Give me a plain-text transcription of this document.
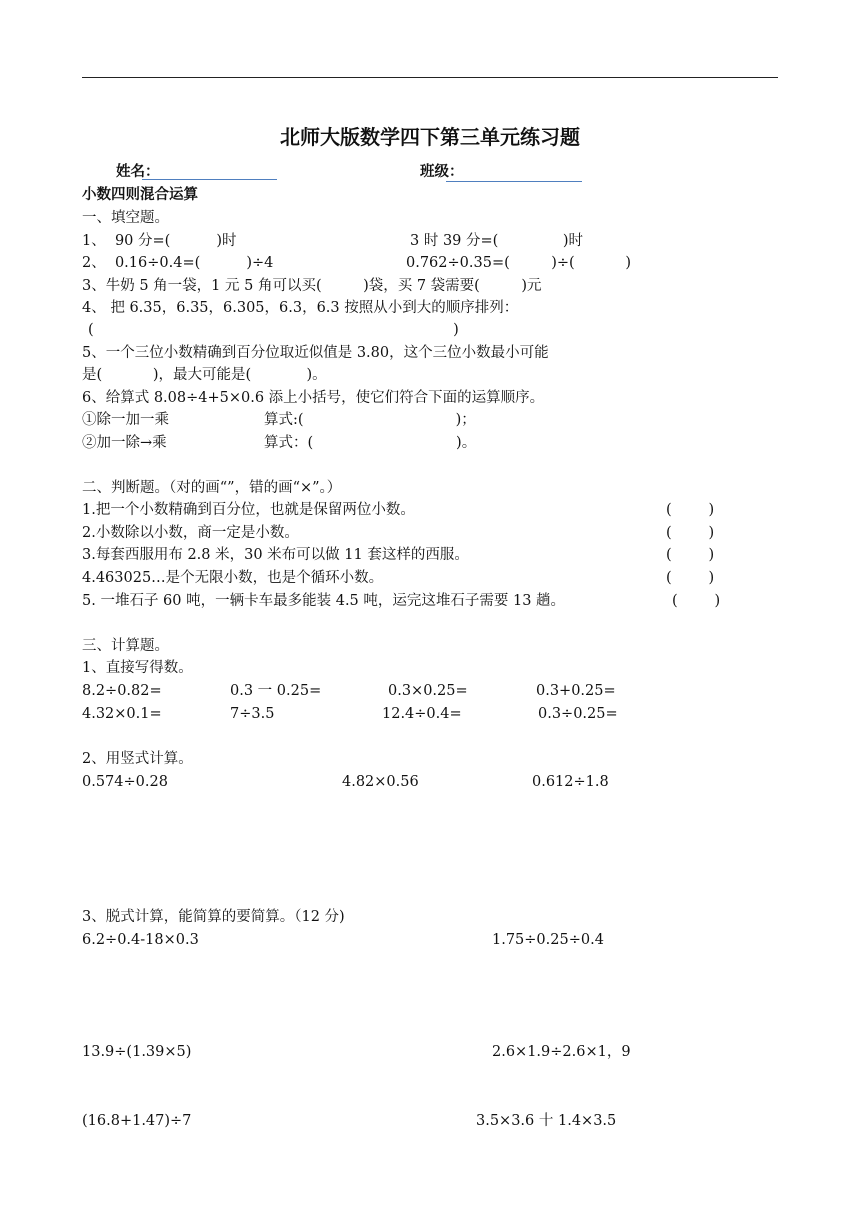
北师大版数学四下第三单元练习题
姓名：	班级：
小数四则混合运算
一、填空题。
1、  90 分=(          )时	3 时 39 分=(              )时
2、  0.16÷0.4=(          )÷4	0.762÷0.35=(         )÷(           )
3、牛奶 5 角一袋，1 元 5 角可以买(         )袋，买 7 袋需要(         )元
4、 把 6.35，6.35，6.305，6.3，6.3 按照从小到大的顺序排列：
(                                                                              )
5、一个三位小数精确到百分位取近似值是 3.80，这个三位小数最小可能
是(           )，最大可能是(            )。
6、给算式 8.08÷4+5×0.6 添上小括号，使它们符合下面的运算顺序。
①除一加一乘	算式:(                                 )；
②加一除→乘	算式：(                               )。
二、判断题。（对的画“”，错的画“×”。）
1.把一个小数精确到百分位，也就是保留两位小数。	(        )
2.小数除以小数，商一定是小数。	(        )
3.每套西服用布 2.8 米，30 米布可以做 11 套这样的西服。	(        )
4.463025…是个无限小数，也是个循环小数。	(        )
5. 一堆石子 60 吨，一辆卡车最多能装 4.5 吨，运完这堆石子需要 13 趟。	(        )
三、计算题。
1、直接写得数。
8.2÷0.82=	0.3 一 0.25=	0.3×0.25=	0.3+0.25=
4.32×0.1=	7÷3.5	12.4÷0.4=	0.3÷0.25=
2、用竖式计算。
0.574÷0.28	4.82×0.56	0.612÷1.8
3、脱式计算，能简算的要简算。（12 分)
6.2÷0.4-18×0.3	1.75÷0.25÷0.4
13.9÷(1.39×5)	2.6×1.9÷2.6×1，9
(16.8+1.47)÷7	3.5×3.6 十 1.4×3.5
